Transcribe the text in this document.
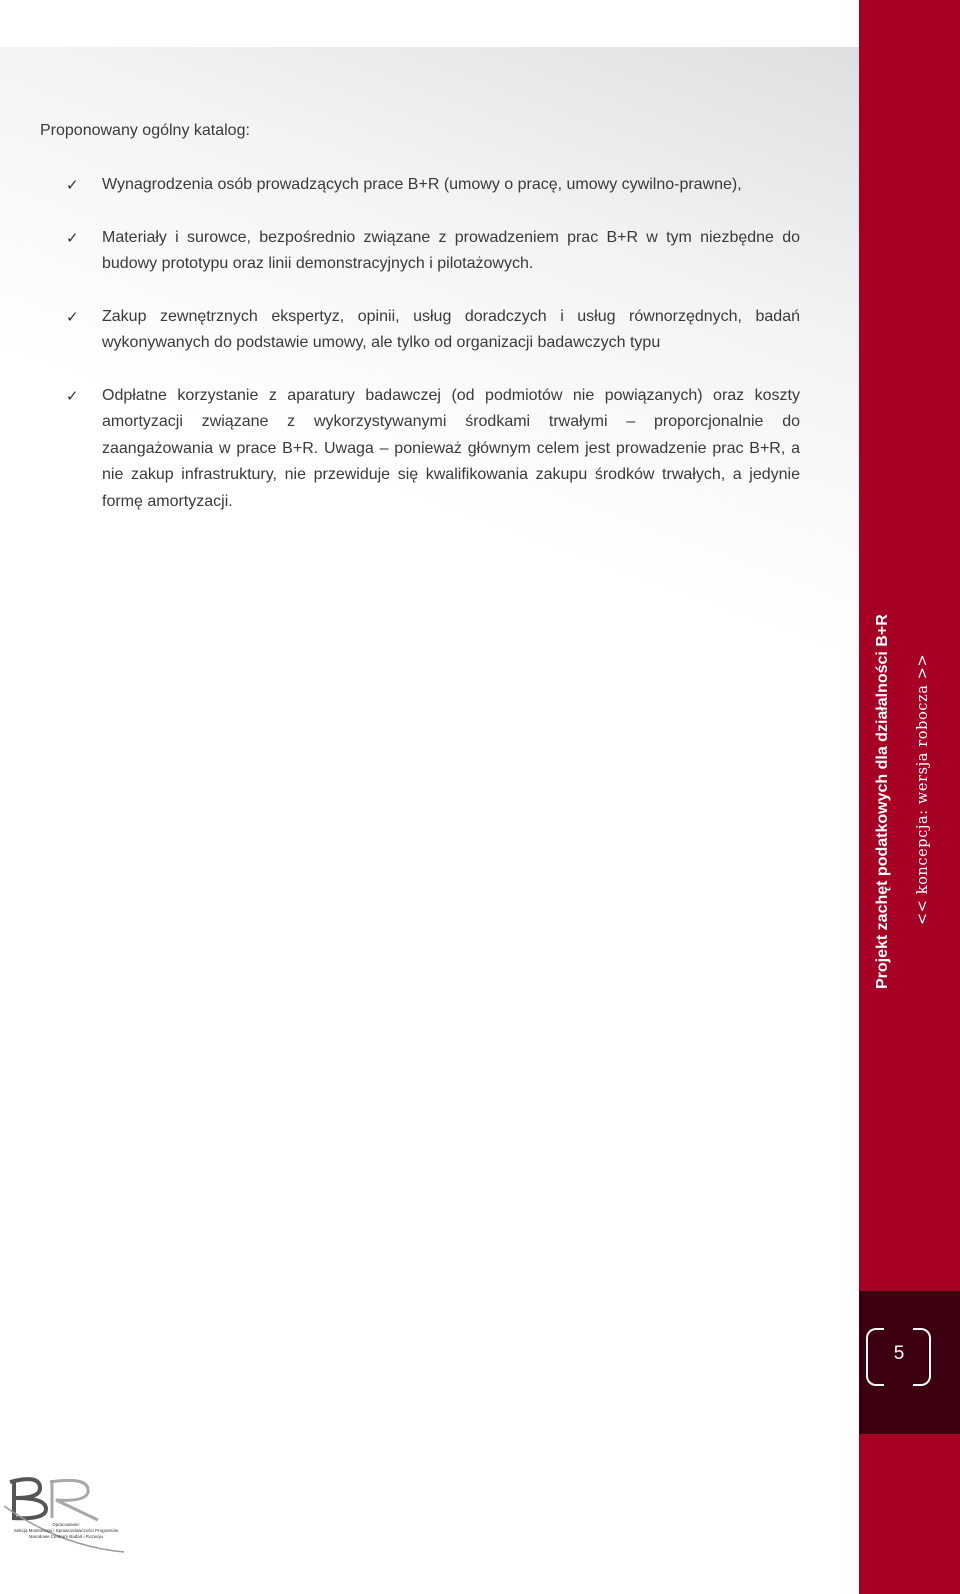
Proponowany ogólny katalog:

✓ Wynagrodzenia osób prowadzących prace B+R (umowy o pracę, umowy cywilno-prawne),
✓ Materiały i surowce, bezpośrednio związane z prowadzeniem prac B+R w tym niezbędne do budowy prototypu oraz linii demonstracyjnych i pilotażowych.
✓ Zakup zewnętrznych ekspertyz, opinii, usług doradczych i usług równorzędnych, badań wykonywanych do podstawie umowy, ale tylko od organizacji badawczych typu
✓ Odpłatne korzystanie z aparatury badawczej (od podmiotów nie powiązanych) oraz koszty amortyzacji związane z wykorzystywanymi środkami trwałymi – proporcjonalnie do zaangażowania w prace B+R. Uwaga – ponieważ głównym celem jest prowadzenie prac B+R, a nie zakup infrastruktury, nie przewiduje się kwalifikowania zakupu środków trwałych, a jedynie formę amortyzacji.
Projekt zachęt podatkowych dla działalności B+R << koncepcja: wersja robocza >>
5
Opracowanie:
Sekcja Monitoringu i Sprawozdawczości Programów
Narodowe Centrum Badań i Rozwoju
